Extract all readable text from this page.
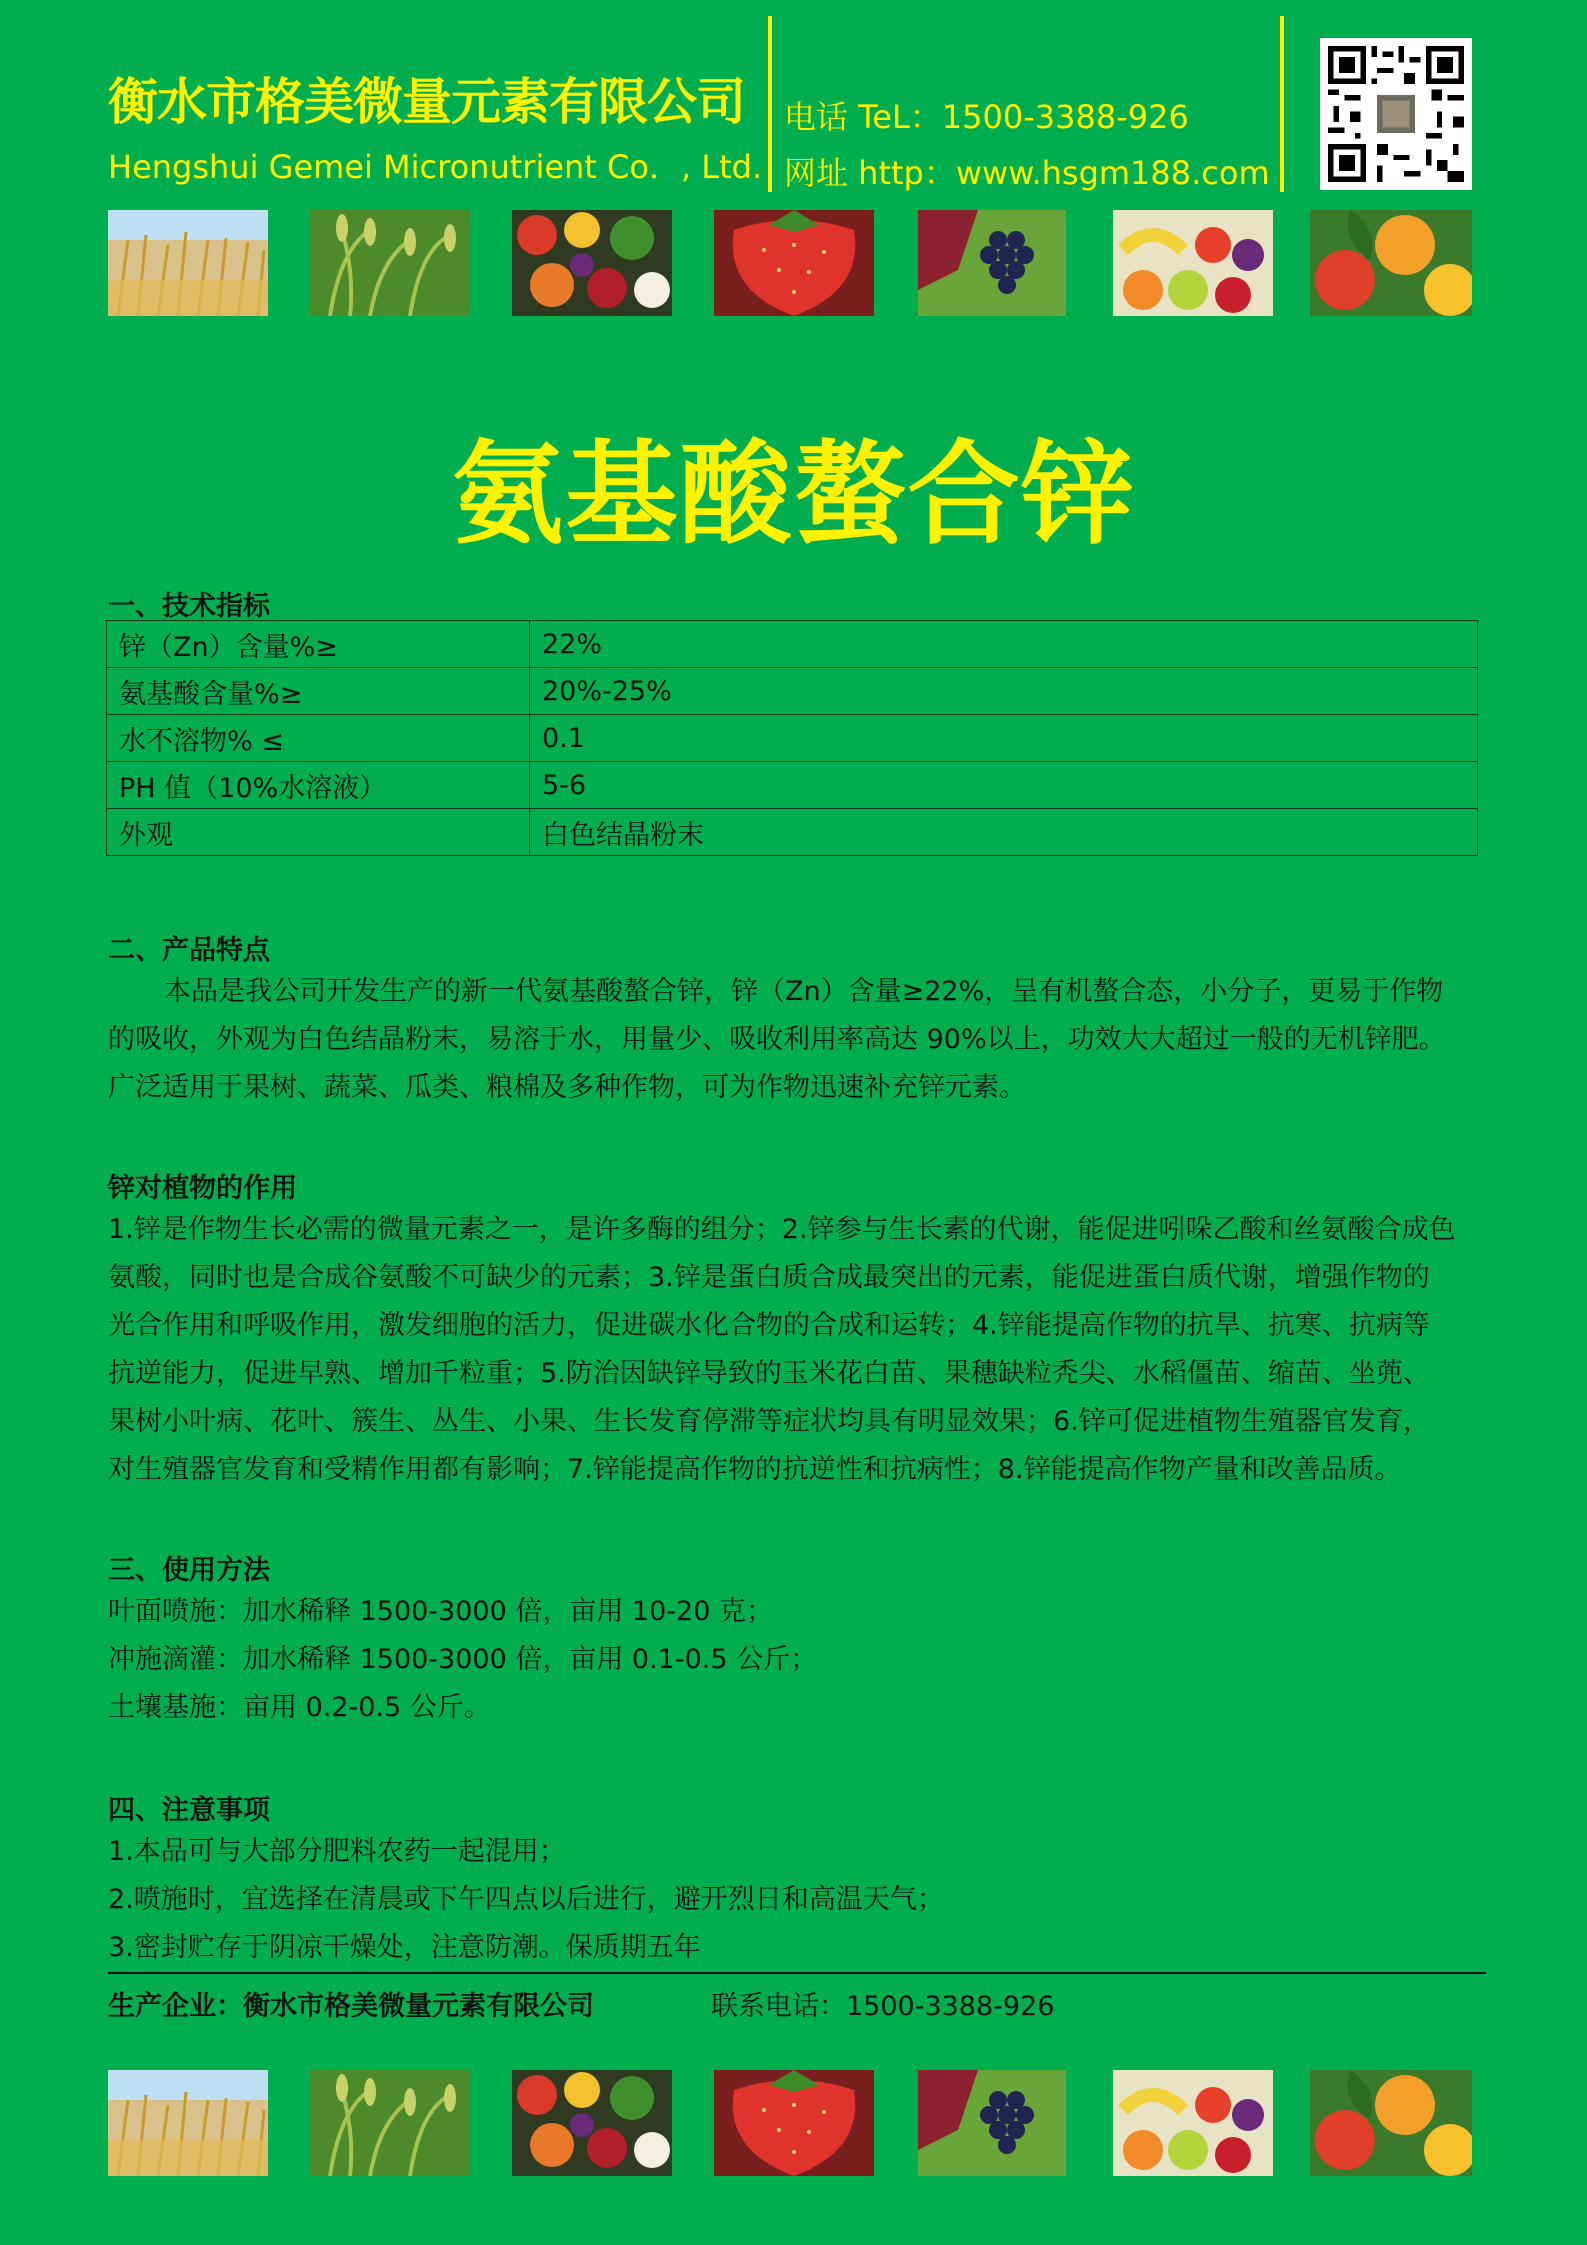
衡水市格美微量元素有限公司
Hengshui Gemei Micronutrient Co．, Ltd.
电话 TeL：1500-3388-926
网址 http：www.hsgm188.com
氨基酸螯合锌
一、技术指标
锌（Zn）含量%≥	22%
氨基酸含量%≥	20%-25%
水不溶物% ≤	0.1
PH 值（10%水溶液）	5-6
外观	白色结晶粉末
二、产品特点
本品是我公司开发生产的新一代氨基酸螯合锌，锌（Zn）含量≥22%，呈有机螯合态，小分子，更易于作物
的吸收，外观为白色结晶粉末，易溶于水，用量少、吸收利用率高达 90%以上，功效大大超过一般的无机锌肥。
广泛适用于果树、蔬菜、瓜类、粮棉及多种作物，可为作物迅速补充锌元素。
锌对植物的作用
1.锌是作物生长必需的微量元素之一，是许多酶的组分；2.锌参与生长素的代谢，能促进吲哚乙酸和丝氨酸合成色
氨酸，同时也是合成谷氨酸不可缺少的元素；3.锌是蛋白质合成最突出的元素，能促进蛋白质代谢，增强作物的
光合作用和呼吸作用，激发细胞的活力，促进碳水化合物的合成和运转；4.锌能提高作物的抗旱、抗寒、抗病等
抗逆能力，促进早熟、增加千粒重；5.防治因缺锌导致的玉米花白苗、果穗缺粒秃尖、水稻僵苗、缩苗、坐蔸、
果树小叶病、花叶、簇生、丛生、小果、生长发育停滞等症状均具有明显效果；6.锌可促进植物生殖器官发育，
对生殖器官发育和受精作用都有影响；7.锌能提高作物的抗逆性和抗病性；8.锌能提高作物产量和改善品质。
三、使用方法
叶面喷施：加水稀释 1500-3000 倍，亩用 10-20 克；
冲施滴灌：加水稀释 1500-3000 倍，亩用 0.1-0.5 公斤；
土壤基施：亩用 0.2-0.5 公斤。
四、注意事项
1.本品可与大部分肥料农药一起混用；
2.喷施时，宜选择在清晨或下午四点以后进行，避开烈日和高温天气；
3.密封贮存于阴凉干燥处，注意防潮。保质期五年
生产企业：衡水市格美微量元素有限公司	联系电话：1500-3388-926
